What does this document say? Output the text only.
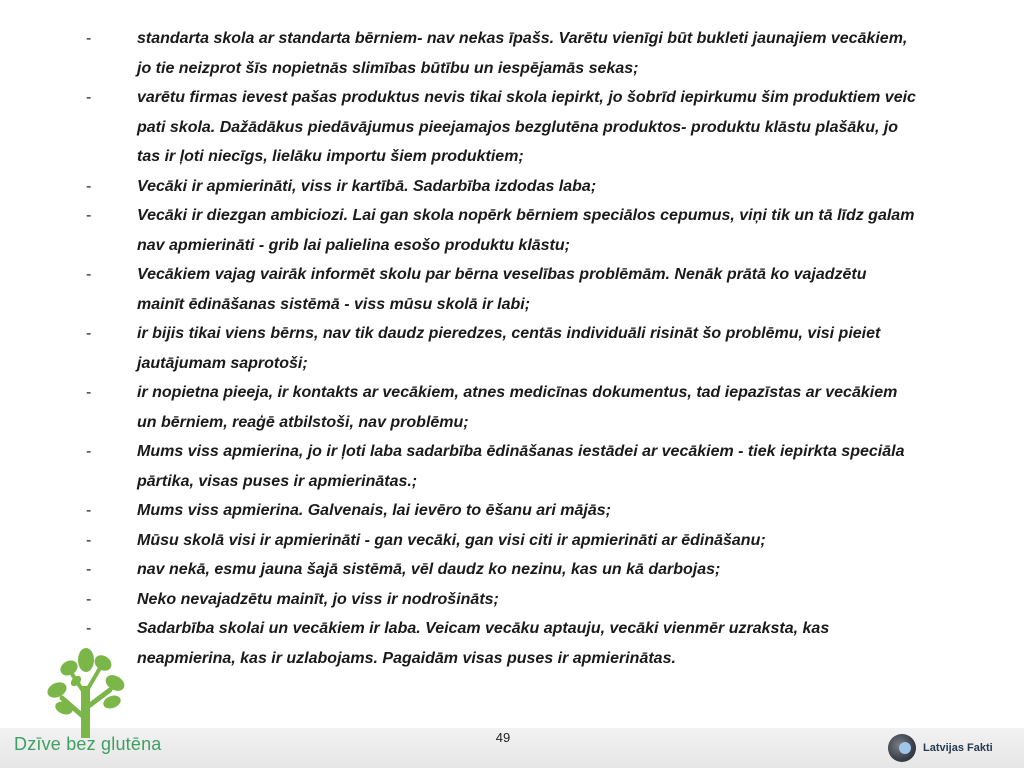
-	standarta skola ar standarta bērniem- nav nekas īpašs. Varētu vienīgi būt bukleti jaunajiem vecākiem,
jo tie neizprot šīs nopietnās slimības būtību un iespējamās sekas;
-	varētu firmas ievest pašas produktus nevis tikai skola iepirkt, jo šobrīd iepirkumu šim produktiem veic
pati skola. Dažādākus piedāvājumus pieejamajos bezglutēna produktos- produktu klāstu plašāku, jo
tas ir ļoti niecīgs, lielāku importu šiem produktiem;
-	Vecāki ir apmierināti, viss ir kartībā. Sadarbība izdodas laba;
-	Vecāki ir diezgan ambiciozi. Lai gan skola nopērk bērniem speciālos cepumus, viņi tik un tā līdz galam
nav apmierināti - grib lai palielina esošo produktu klāstu;
-	Vecākiem vajag vairāk informēt skolu par bērna veselības problēmām. Nenāk prātā ko vajadzētu
mainīt ēdināšanas sistēmā - viss mūsu skolā ir labi;
-	ir bijis tikai viens bērns, nav tik daudz pieredzes, centās individuāli risināt šo problēmu, visi pieiet
jautājumam saprotoši;
-	ir nopietna pieeja, ir kontakts ar vecākiem, atnes medicīnas dokumentus, tad iepazīstas ar vecākiem
un bērniem, reaģē atbilstoši, nav problēmu;
-	Mums viss apmierina, jo ir ļoti laba sadarbība ēdināšanas iestādei ar vecākiem - tiek iepirkta speciāla
pārtika, visas puses ir apmierinātas.;
-	Mums viss apmierina. Galvenais, lai ievēro to ēšanu ari mājās;
-	Mūsu skolā visi ir apmierināti - gan vecāki, gan visi citi ir apmierināti ar ēdināšanu;
-	nav nekā, esmu jauna šajā sistēmā, vēl daudz ko nezinu, kas un kā darbojas;
-	Neko nevajadzētu mainīt, jo viss ir nodrošināts;
-	Sadarbība skolai un vecākiem ir laba. Veicam vecāku aptauju, vecāki vienmēr uzraksta, kas
neapmierina, kas ir uzlabojams. Pagaidām visas puses ir apmierinātas.
Dzīve bez glutēna	49
Latvijas Fakti
